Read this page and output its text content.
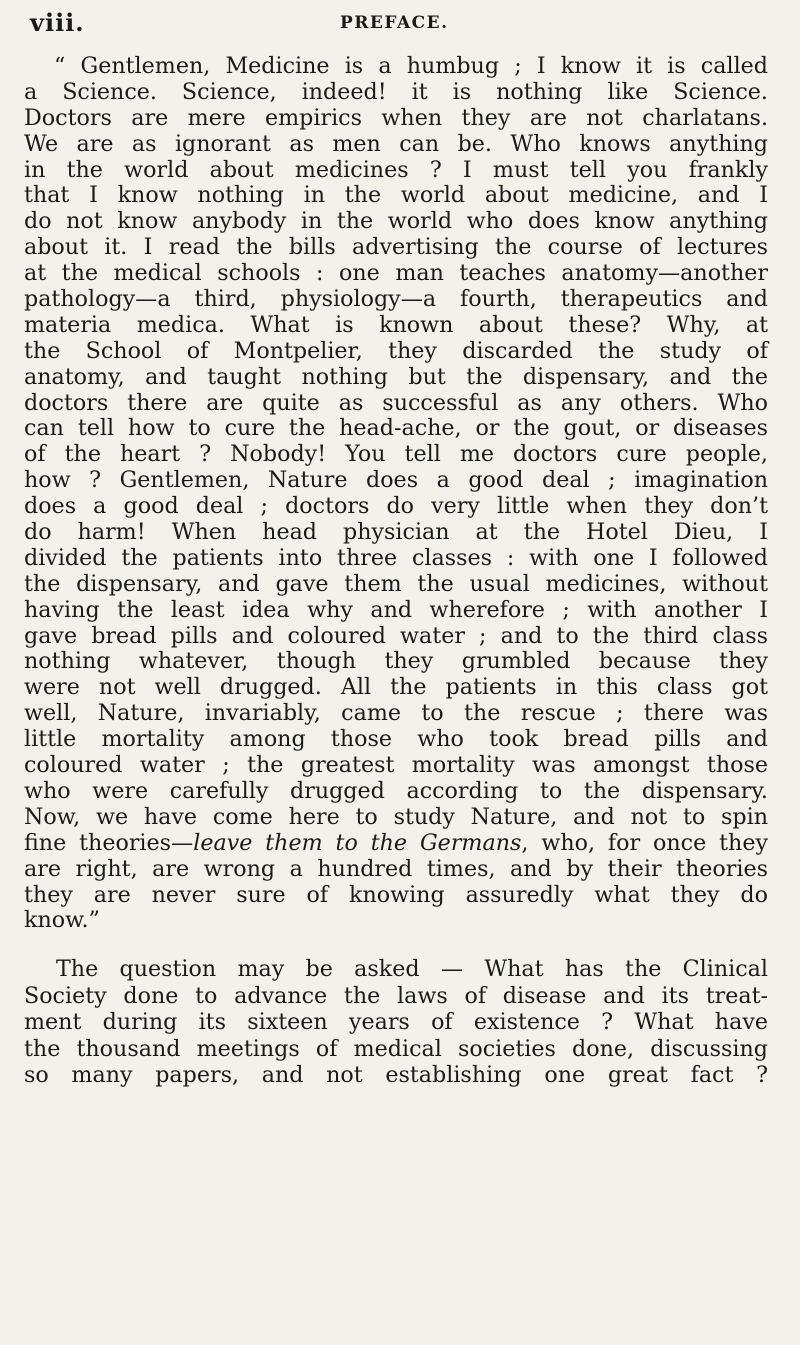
viii.	PREFACE.
“ Gentlemen, Medicine is a humbug ; I know it is called
a Science. Science, indeed! it is nothing like Science.
Doctors are mere empirics when they are not charlatans.
We are as ignorant as men can be. Who knows anything
in the world about medicines ? I must tell you frankly
that I know nothing in the world about medicine, and I
do not know anybody in the world who does know anything
about it. I read the bills advertising the course of lectures
at the medical schools : one man teaches anatomy—another
pathology—a third, physiology—a fourth, therapeutics and
materia medica. What is known about these? Why, at
the School of Montpelier, they discarded the study of
anatomy, and taught nothing but the dispensary, and the
doctors there are quite as successful as any others. Who
can tell how to cure the head-ache, or the gout, or diseases
of the heart ? Nobody! You tell me doctors cure people,
how ? Gentlemen, Nature does a good deal ; imagination
does a good deal ; doctors do very little when they don’t
do harm! When head physician at the Hotel Dieu, I
divided the patients into three classes : with one I followed
the dispensary, and gave them the usual medicines, without
having the least idea why and wherefore ; with another I
gave bread pills and coloured water ; and to the third class
nothing whatever, though they grumbled because they
were not well drugged. All the patients in this class got
well, Nature, invariably, came to the rescue ; there was
little mortality among those who took bread pills and
coloured water ; the greatest mortality was amongst those
who were carefully drugged according to the dispensary.
Now, we have come here to study Nature, and not to spin
fine theories—leave them to the Germans, who, for once they
are right, are wrong a hundred times, and by their theories
they are never sure of knowing assuredly what they do
know.”
The question may be asked — What has the Clinical
Society done to advance the laws of disease and its treat-
ment during its sixteen years of existence ? What have
the thousand meetings of medical societies done, discussing
so many papers, and not establishing one great fact ?
